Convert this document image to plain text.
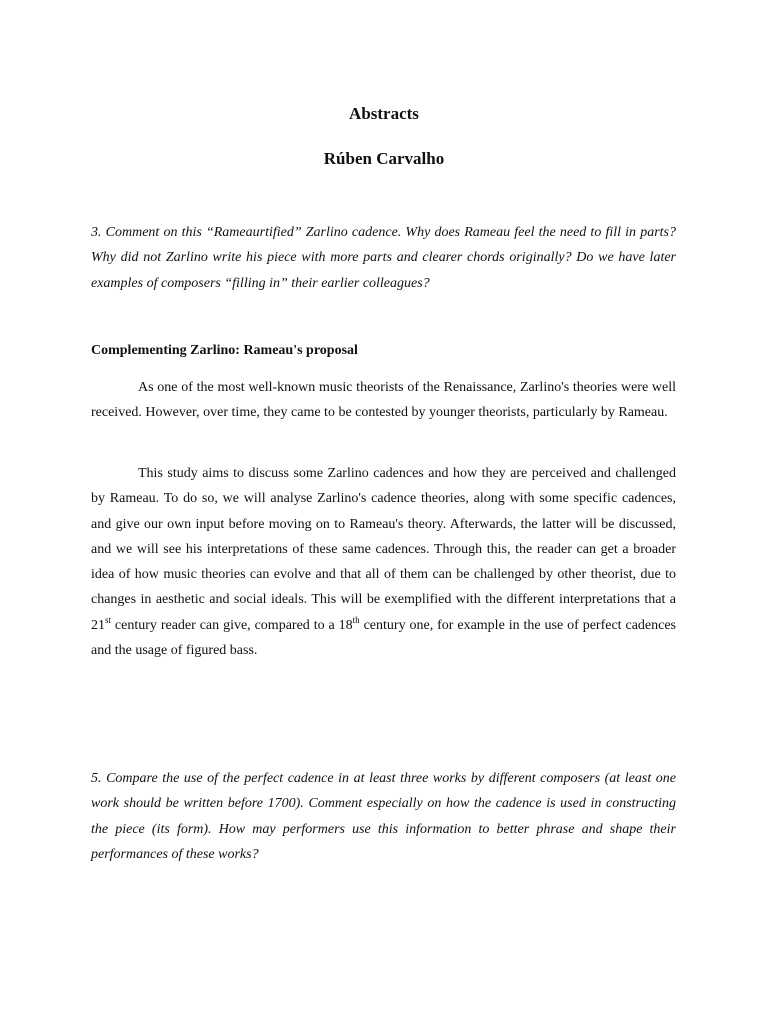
Abstracts
Rúben Carvalho
3. Comment on this “Rameaurtified” Zarlino cadence. Why does Rameau feel the need to fill in parts? Why did not Zarlino write his piece with more parts and clearer chords originally? Do we have later examples of composers “filling in” their earlier colleagues?
Complementing Zarlino: Rameau's proposal
As one of the most well-known music theorists of the Renaissance, Zarlino's theories were well received. However, over time, they came to be contested by younger theorists, particularly by Rameau.
This study aims to discuss some Zarlino cadences and how they are perceived and challenged by Rameau. To do so, we will analyse Zarlino's cadence theories, along with some specific cadences, and give our own input before moving on to Rameau's theory. Afterwards, the latter will be discussed, and we will see his interpretations of these same cadences. Through this, the reader can get a broader idea of how music theories can evolve and that all of them can be challenged by other theorist, due to changes in aesthetic and social ideals. This will be exemplified with the different interpretations that a 21st century reader can give, compared to a 18th century one, for example in the use of perfect cadences and the usage of figured bass.
5. Compare the use of the perfect cadence in at least three works by different composers (at least one work should be written before 1700). Comment especially on how the cadence is used in constructing the piece (its form). How may performers use this information to better phrase and shape their performances of these works?
